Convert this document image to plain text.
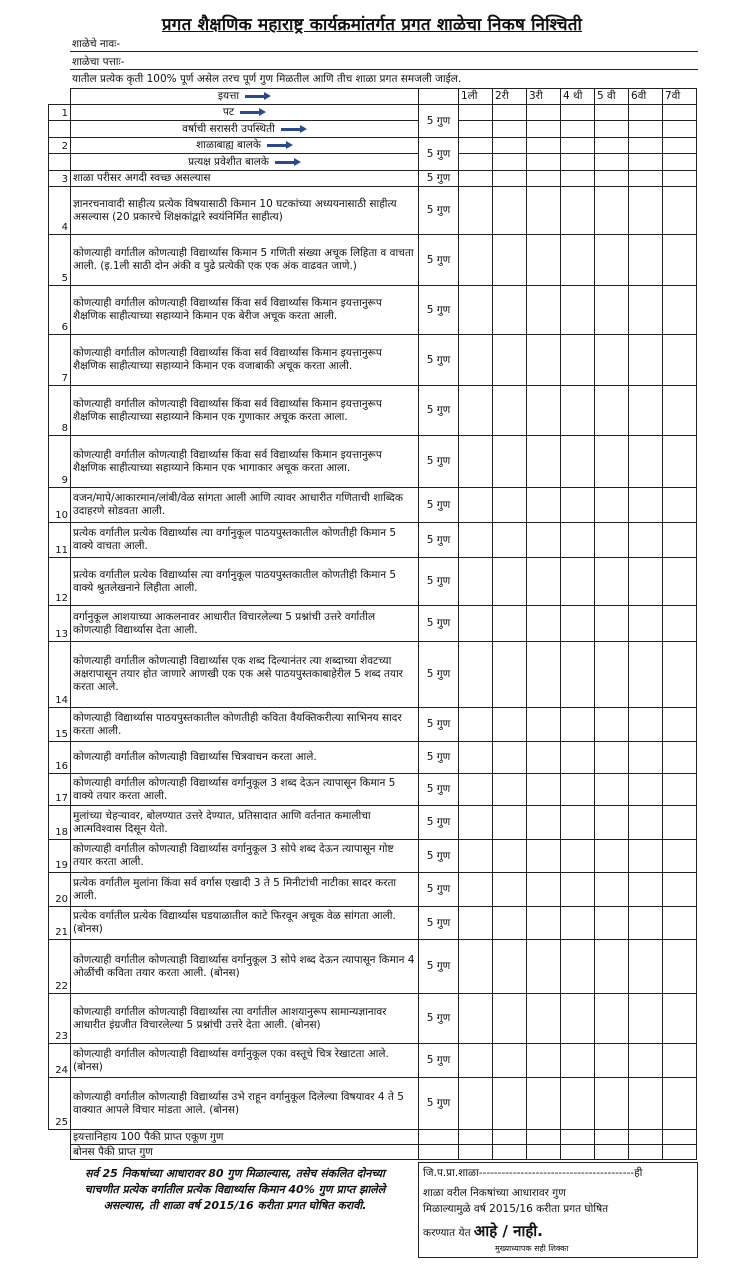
प्रगत शैक्षणिक महाराष्ट्र कार्यक्रमांतर्गत प्रगत शाळेचा निकष निश्चिती
शाळेचे नावः-
शाळेचा पत्ताः-
यातील प्रत्येक कृती 100% पूर्ण असेल तरच पूर्ण गुण मिळतील आणि तीच शाळा प्रगत समजली जाईल.
	इयत्ता		1ली	2री	3री	4 थी	5 वी	6वी	7वी
1	पट	5 गुण							
	वर्षाची सरासरी उपस्थिती								
2	शाळाबाह्य बालके	5 गुण							
	प्रत्यक्ष प्रवेशीत बालके								
3	शाळा परीसर अगदी स्वच्छ असल्यास	5 गुण							
4	ज्ञानरचनावादी साहीत्य प्रत्येक विषयासाठी किमान 10 घटकांच्या अध्ययनासाठी साहीत्य असल्यास (20 प्रकारचे शिक्षकांद्वारे स्वयंनिर्मित साहीत्य)	5 गुण							
5	कोणत्याही वर्गातील कोणत्याही विद्यार्थ्यास किमान 5 गणिती संख्या अचूक लिहिता व वाचता आली. (इ.1ली साठी दोन अंकी व पुढे प्रत्येकी एक एक अंक वाढवत जाणे.)	5 गुण							
6	कोणत्याही वर्गातील कोणत्याही विद्यार्थ्यास किंवा सर्व विद्यार्थ्यास किमान इयत्तानुरूप शैक्षणिक साहीत्याच्या सहाय्याने किमान एक बेरीज अचूक करता आली.	5 गुण							
7	कोणत्याही वर्गातील कोणत्याही विद्यार्थ्यास किंवा सर्व विद्यार्थ्यास किमान इयत्तानुरूप शैक्षणिक साहीत्याच्या सहाय्याने किमान एक वजाबाकी अचूक करता आली.	5 गुण							
8	कोणत्याही वर्गातील कोणत्याही विद्यार्थ्यास किंवा सर्व विद्यार्थ्यास किमान इयत्तानुरूप शैक्षणिक साहीत्याच्या सहाय्याने किमान एक गुणाकार अचूक करता आला.	5 गुण							
9	कोणत्याही वर्गातील कोणत्याही विद्यार्थ्यास किंवा सर्व विद्यार्थ्यास किमान इयत्तानुरूप शैक्षणिक साहीत्याच्या सहाय्याने किमान एक भागाकार अचूक करता आला.	5 गुण							
10	वजन/मापे/आकारमान/लांबी/वेळ सांगता आली आणि त्यावर आधारीत गणिताची शाब्दिक उदाहरणे सोडवता आली.	5 गुण							
11	प्रत्येक वर्गातील प्रत्येक विद्यार्थ्यास त्या वर्गानुकूल पाठयपुस्तकातील कोणतीही किमान 5 वाक्ये वाचता आली.	5 गुण							
12	प्रत्येक वर्गातील प्रत्येक विद्यार्थ्यास त्या वर्गानुकूल पाठयपुस्तकातील कोणतीही किमान 5 वाक्ये श्रुतलेखनाने लिहीता आली.	5 गुण							
13	वर्गानुकूल आशयाच्या आकलनावर आधारीत विचारलेल्या 5 प्रश्नांची उत्तरे वर्गातील कोणत्याही विद्यार्थ्यास देता आली.	5 गुण							
14	कोणत्याही वर्गातील कोणत्याही विद्यार्थ्यास एक शब्द दिल्यानंतर त्या शब्दाच्या शेवटच्या अक्षरापासून तयार होत जाणारे आणखी एक एक असे पाठयपुस्तकाबाहेरील 5 शब्द तयार करता आले.	5 गुण							
15	कोणत्याही विद्यार्थ्यास पाठयपुस्तकातील कोणतीही कविता वैयक्तिकरीत्या साभिनय सादर करता आली.	5 गुण							
16	कोणत्याही वर्गातील कोणत्याही विद्यार्थ्यास चित्रवाचन करता आले.	5 गुण							
17	कोणत्याही वर्गातील कोणत्याही विद्यार्थ्यास वर्गानुकूल 3 शब्द देऊन त्यापासून किमान 5 वाक्ये तयार करता आली.	5 गुण							
18	मुलांच्या चेहऱ्यावर, बोलण्यात उत्तरे देण्यात, प्रतिसादात आणि वर्तनात कमालीचा आत्मविश्वास दिसून येतो.	5 गुण							
19	कोणत्याही वर्गातील कोणत्याही विद्यार्थ्यास वर्गानुकूल 3 सोपे शब्द देऊन त्यापासून गोष्ट तयार करता आली.	5 गुण							
20	प्रत्येक वर्गातील मुलांना किंवा सर्व वर्गास एखादी 3 ते 5 मिनीटांची नाटीका सादर करता आली.	5 गुण							
21	प्रत्येक वर्गातील प्रत्येक विद्यार्थ्यास घडयाळातील काटे फिरवून अचूक वेळ सांगता आली. (बोनस)	5 गुण							
22	कोणत्याही वर्गातील कोणत्याही विद्यार्थ्यास वर्गानुकूल 3 सोपे शब्द देऊन त्यापासून किमान 4 ओळींची कविता तयार करता आली. (बोनस)	5 गुण							
23	कोणत्याही वर्गातील कोणत्याही विद्यार्थ्यास त्या वर्गातील आशयानुरूप सामान्यज्ञानावर आधारीत इंग्रजीत विचारलेल्या 5 प्रश्नांची उत्तरे देता आली. (बोनस)	5 गुण							
24	कोणत्याही वर्गातील कोणत्याही विद्यार्थ्यास वर्गानुकूल एका वस्तूचे चित्र रेखाटता आले. (बोनस)	5 गुण							
25	कोणत्याही वर्गातील कोणत्याही विद्यार्थ्यास उभे राहून वर्गानुकूल दिलेल्या विषयावर 4 ते 5 वाक्यात आपले विचार मांडता आले. (बोनस)	5 गुण							
	इयत्तानिहाय 100 पैकी प्राप्त एकूण गुण								
	बोनस पैकी प्राप्त गुण								
सर्व 25 निकषांच्या आधारावर 80 गुण मिळाल्यास, तसेच संकलित दोनच्या चाचणीत प्रत्येक वर्गातील प्रत्येक विद्यार्थ्यास किमान 40% गुण प्राप्त झालेले असल्यास, ती शाळा वर्ष 2015/16 करीता प्रगत घोषित करावी.
जि.प.प्रा.शाळा-----------------------------------------ही
शाळा वरील निकषांच्या आधारावर गुण
मिळाल्यामुळे वर्ष 2015/16 करीता प्रगत घोषित
करण्यात येत आहे / नाही.
मुख्याध्यापक सही शिक्का
